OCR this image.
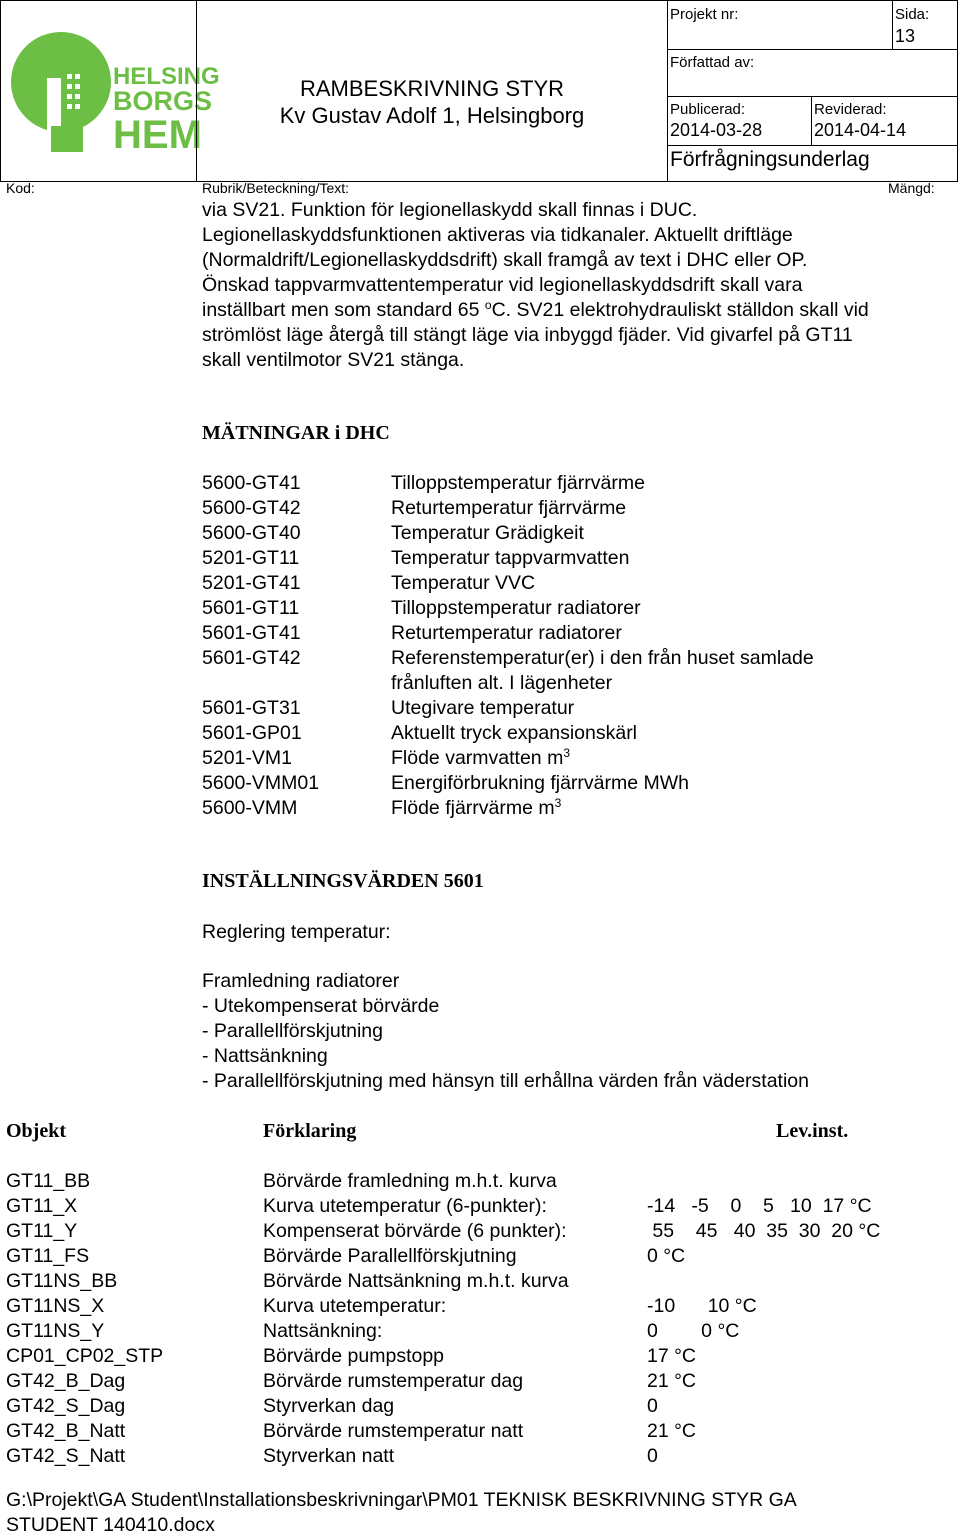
HELSING
BORGS
HEM
RAMBESKRIVNING STYR
Kv Gustav Adolf 1, Helsingborg
Projekt nr:	Sida:
13
Författad av:
Publicerad:
2014-03-28
Reviderad:
2014-04-14
Förfrågningsunderlag
Kod:	Rubrik/Beteckning/Text:	Mängd:
via SV21. Funktion för legionellaskydd skall finnas i DUC.
Legionellaskyddsfunktionen aktiveras via tidkanaler. Aktuellt driftläge
(Normaldrift/Legionellaskyddsdrift) skall framgå av text i DHC eller OP.
Önskad tappvarmvattentemperatur vid legionellaskyddsdrift skall vara
inställbart men som standard 65 $^o$C. SV21 elektrohydrauliskt ställdon skall vid
strömlöst läge återgå till stängt läge via inbyggd fjäder. Vid givarfel på GT11
skall ventilmotor SV21 stänga.
MÄTNINGAR i DHC
5600-GT41	Tilloppstemperatur fjärrvärme
5600-GT42	Returtemperatur fjärrvärme
5600-GT40	Temperatur Grädigkeit
5201-GT11	Temperatur tappvarmvatten
5201-GT41	Temperatur VVC
5601-GT11	Tilloppstemperatur radiatorer
5601-GT41	Returtemperatur radiatorer
5601-GT42	Referenstemperatur(er) i den från huset samlade
frånluften alt. I lägenheter
5601-GT31	Utegivare temperatur
5601-GP01	Aktuellt tryck expansionskärl
5201-VM1	Flöde varmvatten $m^3$
5600-VMM01	Energiförbrukning fjärrvärme MWh
5600-VMM	Flöde fjärrvärme $m^3$
INSTÄLLNINGSVÄRDEN 5601
Reglering temperatur:
Framledning radiatorer
- Utekompenserat börvärde
- Parallellförskjutning
- Nattsänkning
- Parallellförskjutning med hänsyn till erhållna värden från väderstation
Objekt	Förklaring	Lev.inst.
GT11_BB	Börvärde framledning m.h.t. kurva
GT11_X	Kurva utetemperatur (6-punkter):	-14   -5    0    5   10  17 °C
GT11_Y	Kompenserat börvärde (6 punkter):	55    45   40  35  30  20 °C
GT11_FS	Börvärde Parallellförskjutning	0 °C
GT11NS_BB	Börvärde Nattsänkning m.h.t. kurva
GT11NS_X	Kurva utetemperatur:	-10      10 °C
GT11NS_Y	Nattsänkning:	0        0 °C
CP01_CP02_STP	Börvärde pumpstopp	17 °C
GT42_B_Dag	Börvärde rumstemperatur dag	21 °C
GT42_S_Dag	Styrverkan dag	0
GT42_B_Natt	Börvärde rumstemperatur natt	21 °C
GT42_S_Natt	Styrverkan natt	0
G:\Projekt\GA Student\Installationsbeskrivningar\PM01 TEKNISK BESKRIVNING STYR GA
STUDENT 140410.docx
